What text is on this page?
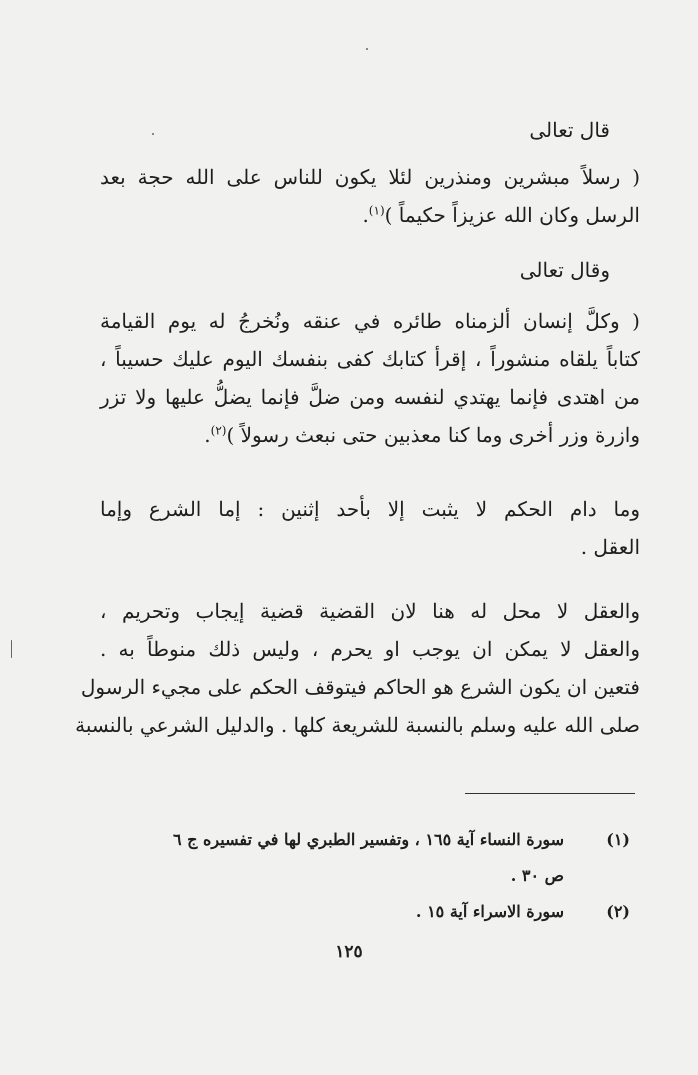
قال تعالى
( رسلاً مبشرين ومنذرين لئلا يكون للناس على الله حجة بعد
الرسل وكان الله عزيزاً حكيماً )$^{(١)}$.
وقال تعالى
( وكلَّ إنسان ألزمناه طائره في عنقه ونُخرجُ له يوم القيامة
كتاباً يلقاه منشوراً ، إقرأ كتابك كفى بنفسك اليوم عليك حسيباً ،
من اهتدى فإنما يهتدي لنفسه ومن ضلَّ فإنما يضلُّ عليها ولا تزر
وازرة وزر أخرى وما كنا معذبين حتى نبعث رسولاً )$^{(٢)}$.
وما دام الحكم لا يثبت إلا بأحد إثنين : إما الشرع وإما
العقل .
والعقل لا محل له هنا لان القضية قضية إيجاب وتحريم ،
والعقل لا يمكن ان يوجب او يحرم ، وليس ذلك منوطاً به .
فتعين ان يكون الشرع هو الحاكم فيتوقف الحكم على مجيء الرسول
صلى الله عليه وسلم بالنسبة للشريعة كلها . والدليل الشرعي بالنسبة
(١)
سورة النساء آية ١٦٥ ، وتفسير الطبري لها في تفسيره ج ٦
ص ٣٠ .
(٢)
سورة الاسراء آية ١٥ .
١٢٥
